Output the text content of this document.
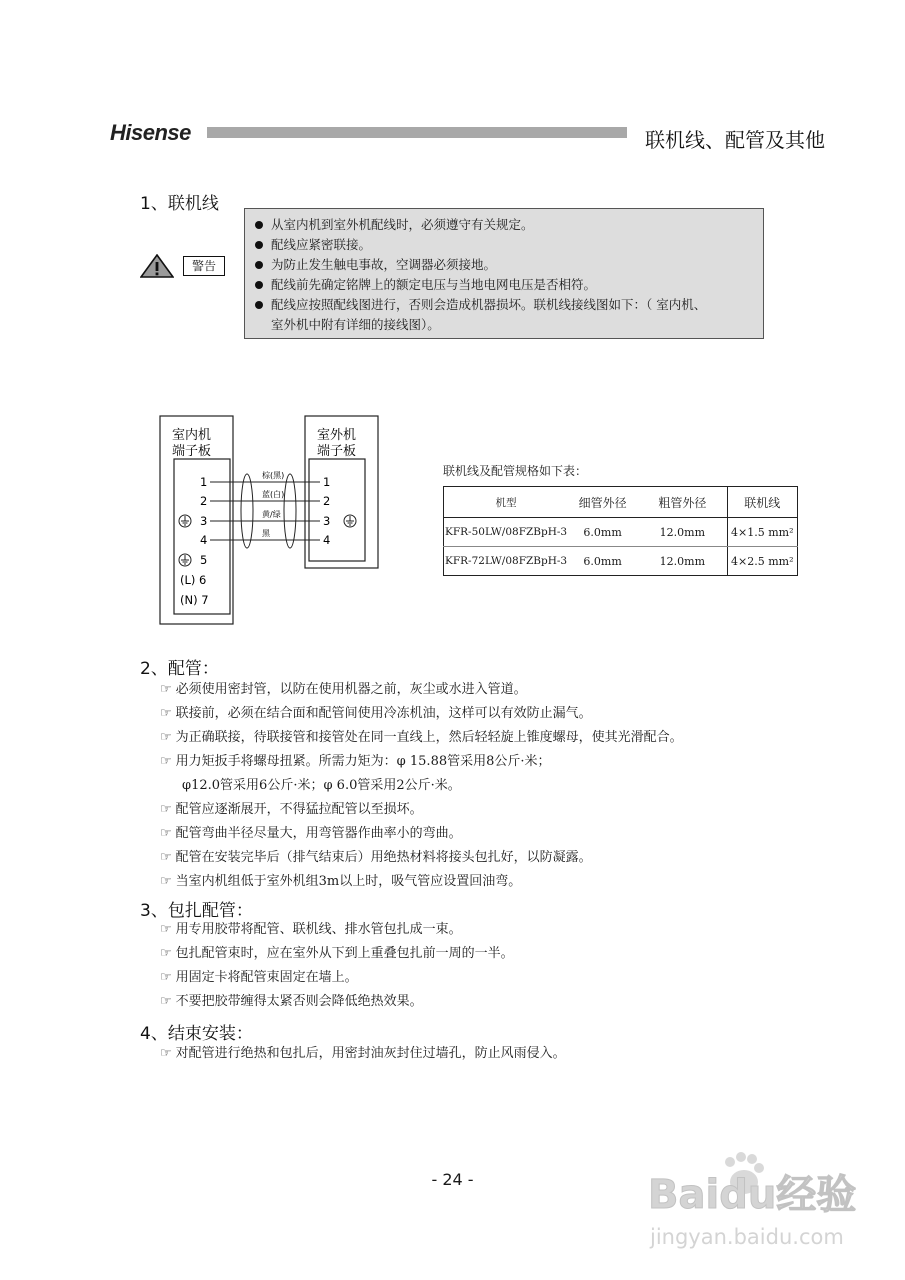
Hisense	联机线、配管及其他
1、联机线
警告
从室内机到室外机配线时，必须遵守有关规定。
配线应紧密联接。
为防止发生触电事故，空调器必须接地。
配线前先确定铭牌上的额定电压与当地电网电压是否相符。
配线应按照配线图进行，否则会造成机器损坏。联机线接线图如下：（ 室内机、
室外机中附有详细的接线图）。
室内机
端子板
室外机
端子板
1
2
3
4
5
(L) 6
(N) 7
1
2
3
4
棕(黑)
蓝(白)
黄/绿
黑
联机线及配管规格如下表：
机型	细管外径	粗管外径	联机线
KFR-50LW/08FZBpH-3	6.0mm	12.0mm	4×1.5 mm²
KFR-72LW/08FZBpH-3	6.0mm	12.0mm	4×2.5 mm²
2、配管：
☞ 必须使用密封管，以防在使用机器之前，灰尘或水进入管道。
☞ 联接前，必须在结合面和配管间使用冷冻机油，这样可以有效防止漏气。
☞ 为正确联接，待联接管和接管处在同一直线上，然后轻轻旋上锥度螺母，使其光滑配合。
☞ 用力矩扳手将螺母扭紧。所需力矩为：φ 15.88管采用8公斤·米；
φ12.0管采用6公斤·米；φ 6.0管采用2公斤·米。
☞ 配管应逐渐展开，不得猛拉配管以至损坏。
☞ 配管弯曲半径尽量大，用弯管器作曲率小的弯曲。
☞ 配管在安装完毕后（排气结束后）用绝热材料将接头包扎好，以防凝露。
☞ 当室内机组低于室外机组3m以上时，吸气管应设置回油弯。
3、包扎配管：
☞ 用专用胶带将配管、联机线、排水管包扎成一束。
☞ 包扎配管束时，应在室外从下到上重叠包扎前一周的一半。
☞ 用固定卡将配管束固定在墙上。
☞ 不要把胶带缠得太紧否则会降低绝热效果。
4、结束安装：
☞ 对配管进行绝热和包扎后，用密封油灰封住过墙孔，防止风雨侵入。
- 24 -	Baidu经验
jingyan.baidu.com
